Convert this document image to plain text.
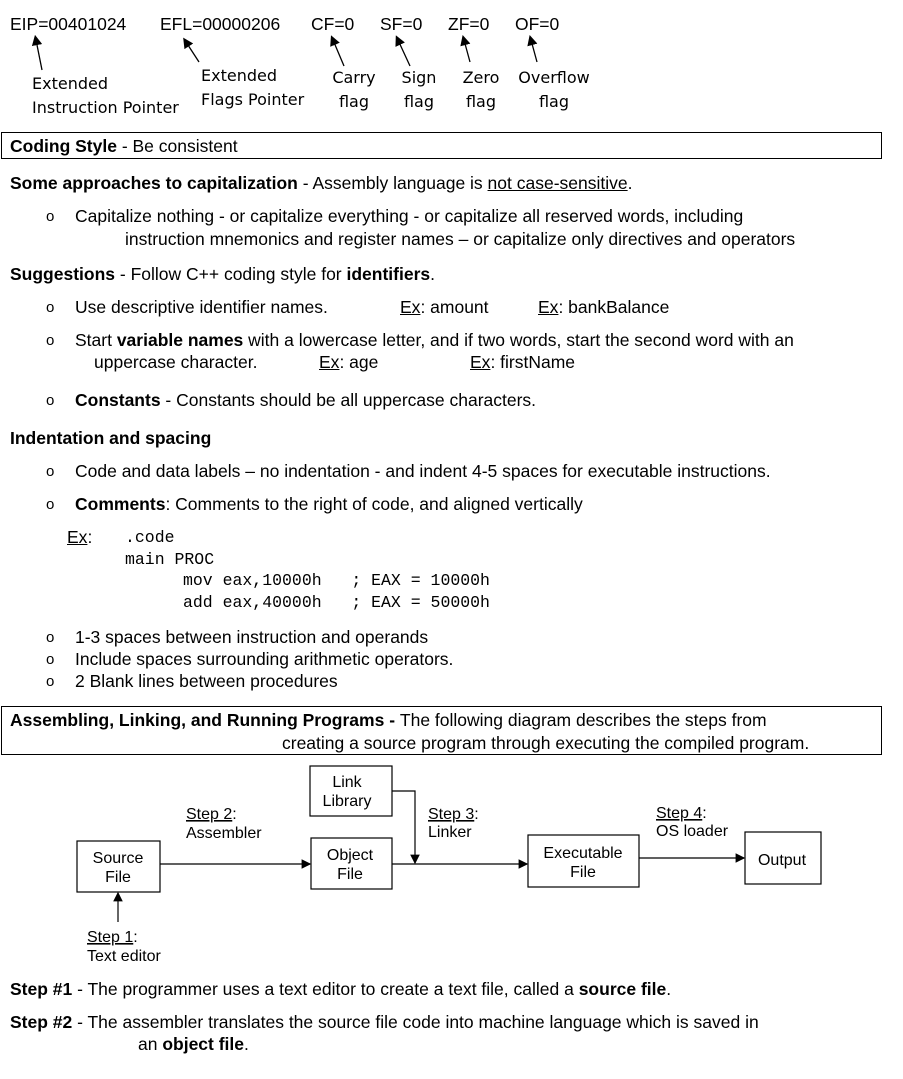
EIP=00401024 EFL=00000206 CF=0 SF=0 ZF=0 OF=0
Extended
Instruction Pointer
Extended
Flags Pointer
Carry
flag
Sign
flag
Zero
flag
Overflow
flag
Coding Style - Be consistent
Some approaches to capitalization - Assembly language is not case-sensitive.
o Capitalize nothing - or capitalize everything - or capitalize all reserved words, including
instruction mnemonics and register names – or capitalize only directives and operators
Suggestions - Follow C++ coding style for identifiers.
o Use descriptive identifier names.	Ex: amount	Ex: bankBalance
o Start variable names with a lowercase letter, and if two words, start the second word with an
uppercase character.	Ex: age	Ex: firstName
o Constants - Constants should be all uppercase characters.
Indentation and spacing
o Code and data labels – no indentation - and indent 4-5 spaces for executable instructions.
o Comments: Comments to the right of code, and aligned vertically
Ex: .code
main PROC
mov eax,10000h   ; EAX = 10000h
add eax,40000h   ; EAX = 50000h
o 1-3 spaces between instruction and operands
o Include spaces surrounding arithmetic operators.
o 2 Blank lines between procedures
Assembling, Linking, and Running Programs - The following diagram describes the steps from
creating a source program through executing the compiled program.
Source
File
Object
File
Link
Library
Executable
File
Output
Step 2:
Assembler
Step 3:
Linker
Step 4:
OS loader
Step 1:
Text editor
Step #1 - The programmer uses a text editor to create a text file, called a source file.
Step #2 - The assembler translates the source file code into machine language which is saved in
an object file.
